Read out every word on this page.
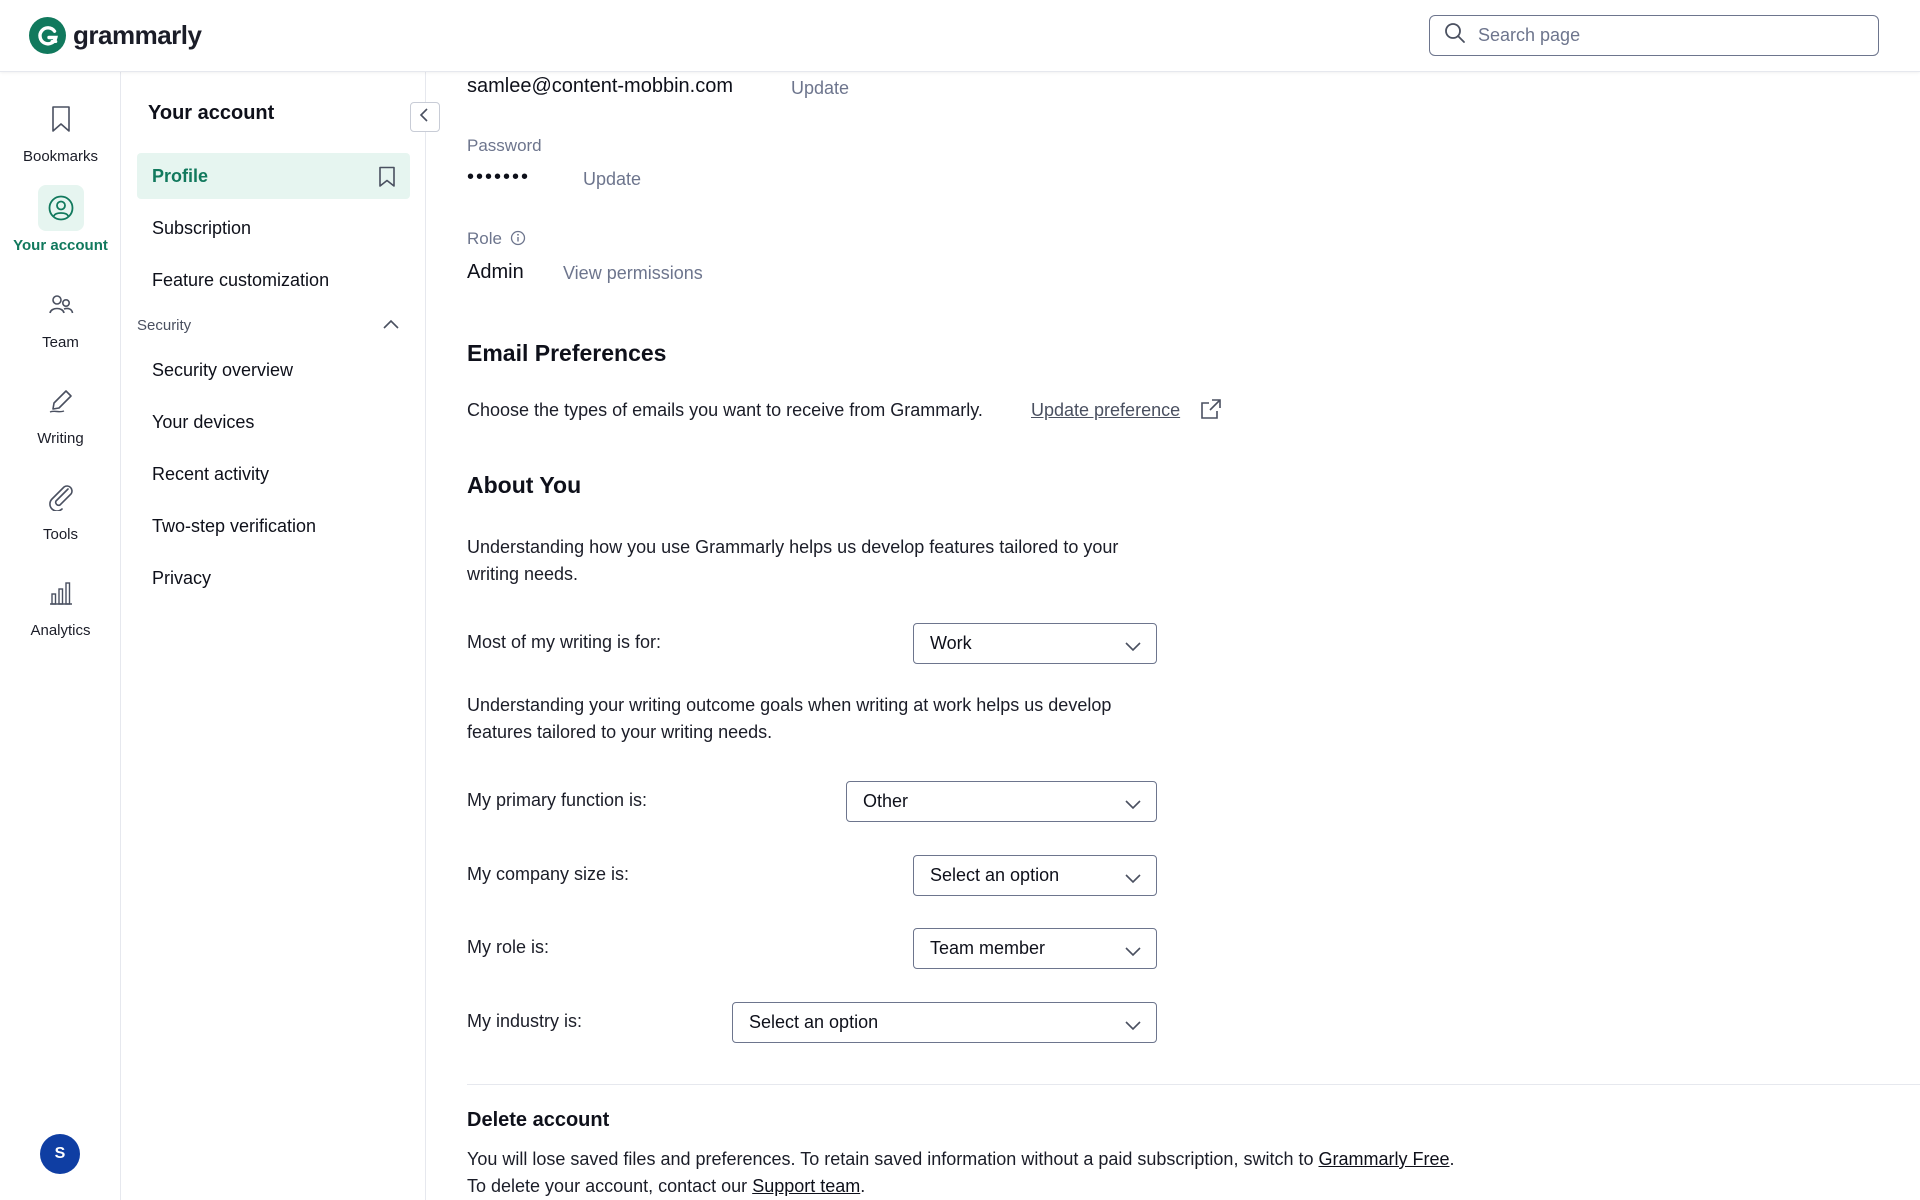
grammarly
Search page
Bookmarks
Your account
Team
Writing
Tools
Analytics
S
Your account
Profile
Subscription
Feature customization
Security
Security overview
Your devices
Recent activity
Two-step verification
Privacy
samlee@content-mobbin.com	Update
Password
•••••••	Update
Role
Admin View permissions
Email Preferences
Choose the types of emails you want to receive from Grammarly.	Update preference
About You
Understanding how you use Grammarly helps us develop features tailored to your
writing needs.
Most of my writing is for:	Work
Understanding your writing outcome goals when writing at work helps us develop
features tailored to your writing needs.
My primary function is:	Other
My company size is:	Select an option
My role is:	Team member
My industry is:	Select an option
Delete account
You will lose saved files and preferences. To retain saved information without a paid subscription, switch to Grammarly Free.
To delete your account, contact our Support team.
